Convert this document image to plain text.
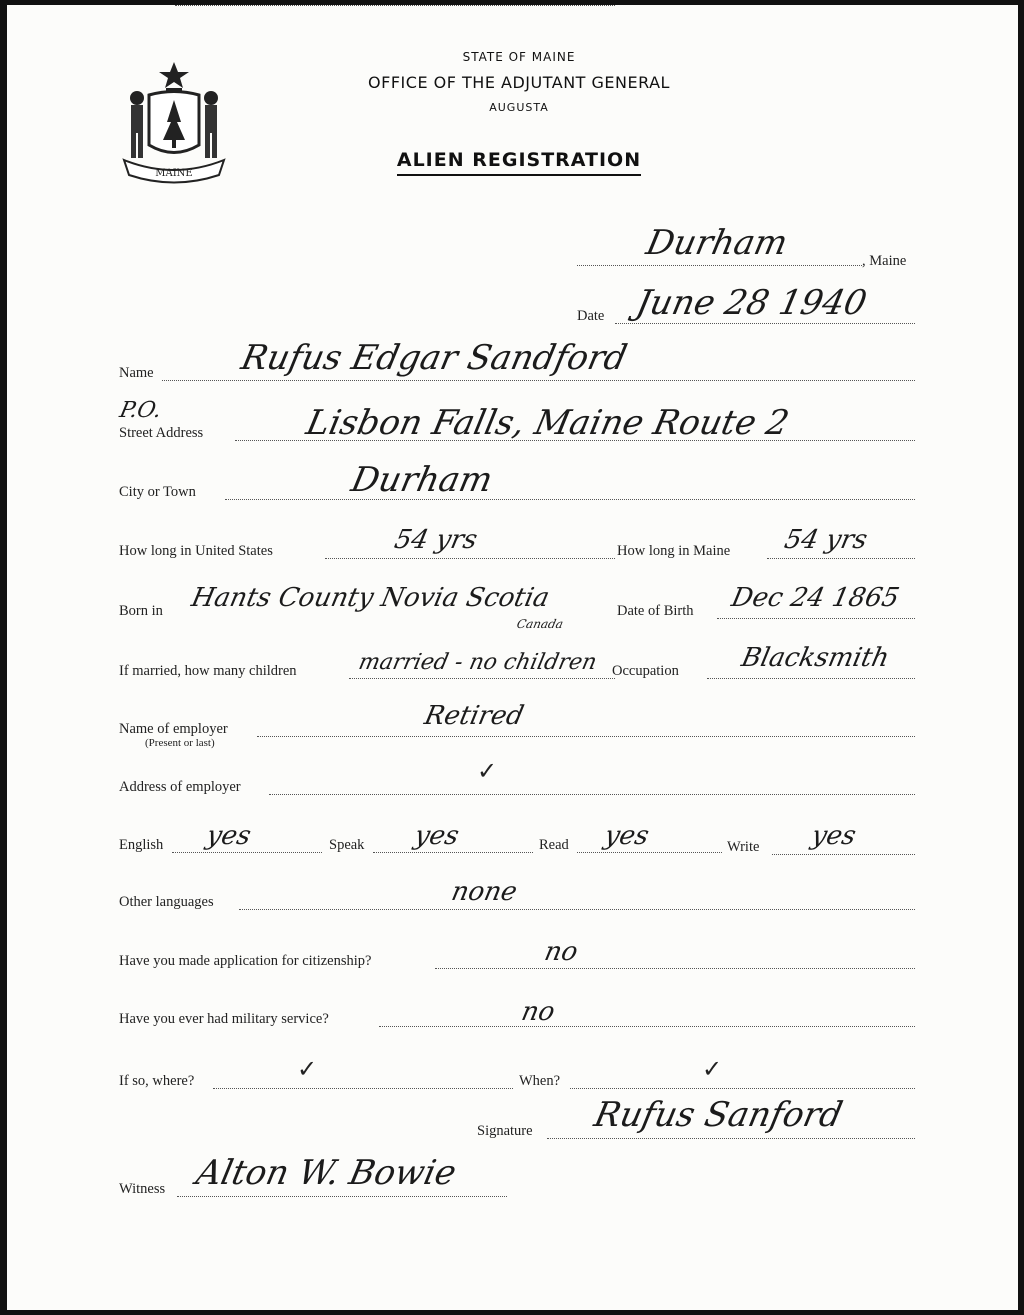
MAINE
STATE OF MAINE
OFFICE OF THE ADJUTANT GENERAL
AUGUSTA
ALIEN REGISTRATION
Durham	, Maine
Date June 28 1940
Name Rufus Edgar Sandford
P.O.
Street Address	Lisbon Falls, Maine Route 2
City or Town	Durham
How long in United States	54 yrs	How long in Maine 54 yrs
Born in Hants County Novia Scotia
Canada
Date of Birth Dec 24 1865
If married, how many children	married - no children Occupation Blacksmith
Name of employer
(Present or last)
Retired
Address of employer
✓
English yes	Speak yes	Read yes	Write yes
Other languages	none
Have you made application for citizenship?	no
Have you ever had military service?	no
If so, where?	✓	When?	✓
Signature Rufus Sanford
Witness Alton W. Bowie
